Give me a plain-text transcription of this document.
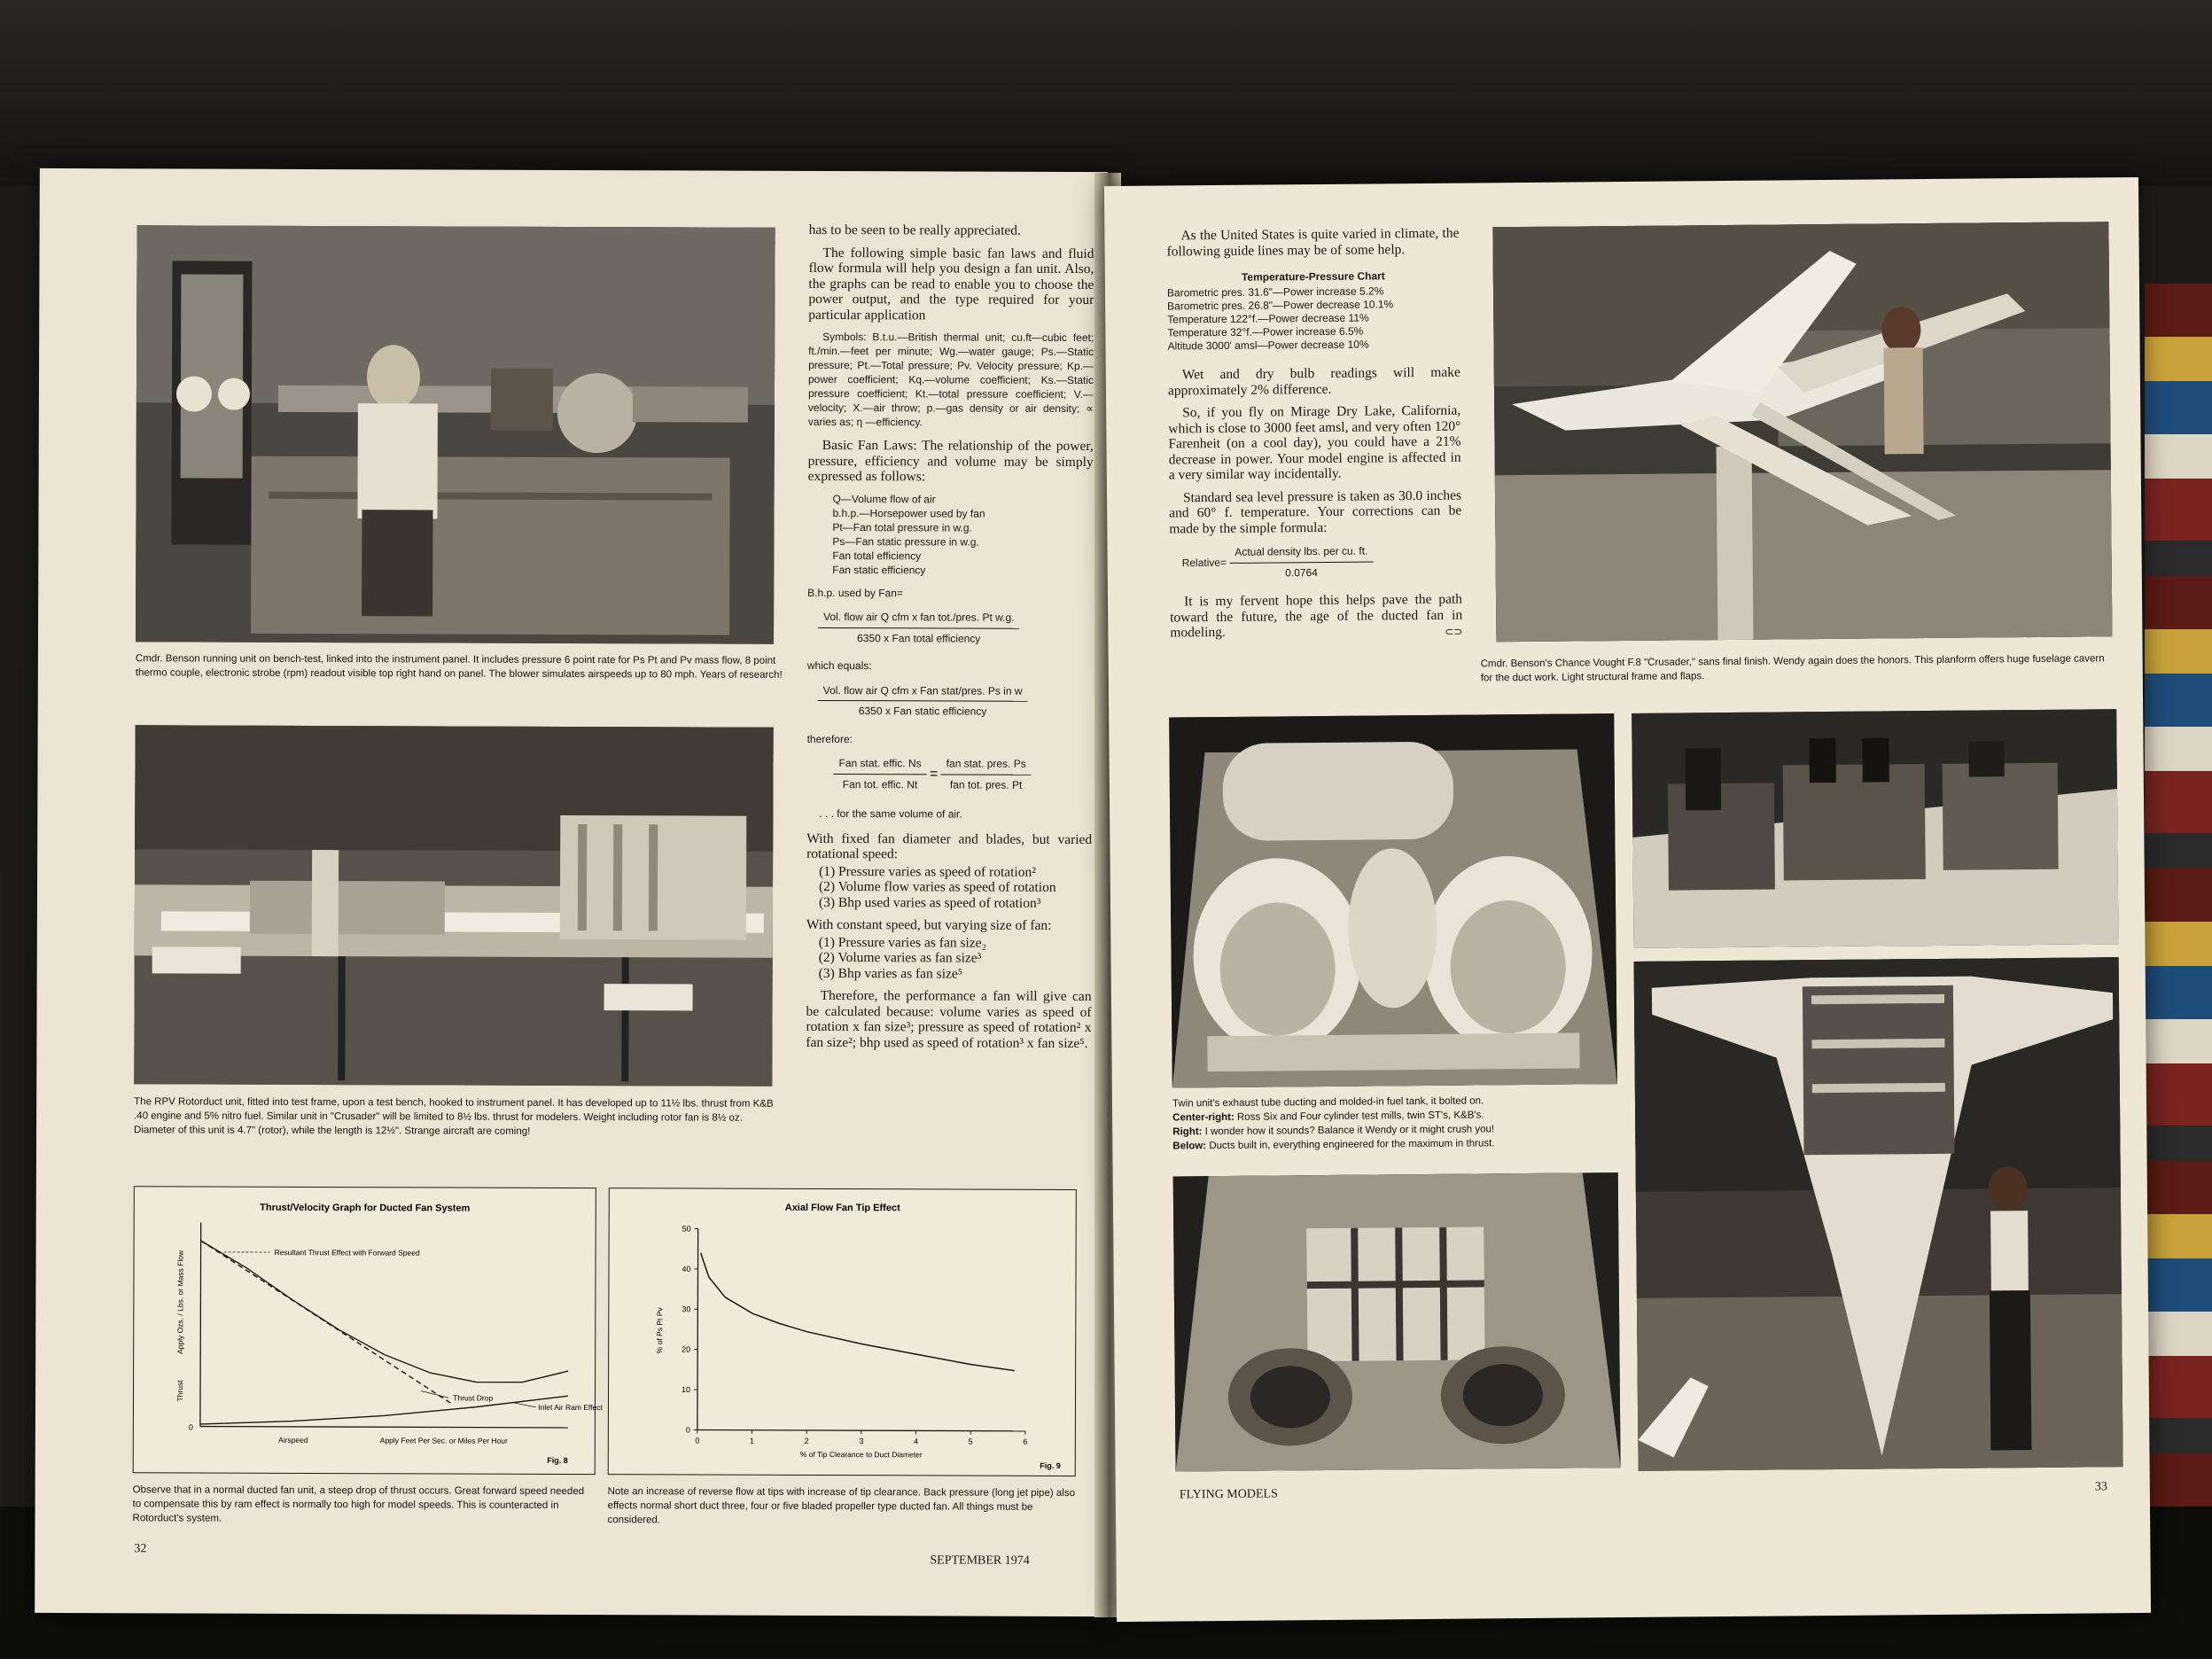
Cmdr. Benson running unit on bench-test, linked into the instrument panel. It includes pressure 6 point rate for Ps Pt and Pv mass flow, 8 point thermo couple, electronic strobe (rpm) readout visible top right hand on panel. The blower simulates airspeeds up to 80 mph. Years of research!
The RPV Rotorduct unit, fitted into test frame, upon a test bench, hooked to instrument panel. It has developed up to 11½ lbs. thrust from K&B .40 engine and 5% nitro fuel. Similar unit in "Crusader" will be limited to 8½ lbs. thrust for modelers. Weight including rotor fan is 8½ oz. Diameter of this unit is 4.7" (rotor), while the length is 12½". Strange aircraft are coming!

has to be seen to be really appreciated.

The following simple basic fan laws and fluid flow formula will help you design a fan unit. Also, the graphs can be read to enable you to choose the power output, and the type required for your particular application

Symbols: B.t.u.—British thermal unit; cu.ft—cubic feet; ft./min.—feet per minute; Wg.—water gauge; Ps.—Static pressure; Pt.—Total pressure; Pv. Velocity pressure; Kp.—power coefficient; Kq.—volume coefficient; Ks.—Static pressure coefficient; Kt.—total pressure coefficient; V.—velocity; X.—air throw; p.—gas density or air density; ∝ varies as; η —efficiency.

Basic Fan Laws: The relationship of the power, pressure, efficiency and volume may be simply expressed as follows:

Q—Volume flow of air
b.h.p.—Horsepower used by fan
Pt—Fan total pressure in w.g.
Ps—Fan static pressure in w.g.
Fan total efficiency
Fan static efficiency
B.h.p. used by Fan=
$\frac{\text{Vol. flow air Q cfm x fan tot./pres. Pt w.g.}}{\text{6350 x Fan total efficiency}}$
which equals:
$\frac{\text{Vol. flow air Q cfm x Fan stat/pres. Ps in w}}{\text{6350 x Fan static efficiency}}$
therefore:
$\frac{\text{Fan stat. effic. Ns}}{\text{Fan tot. effic. Nt}} = \frac{\text{fan stat. pres. Ps}}{\text{fan tot. pres. Pt}}$
. . . for the same volume of air.

With fixed fan diameter and blades, but varied rotational speed:

(1) Pressure varies as speed of rotation²
(2) Volume flow varies as speed of rotation
(3) Bhp used varies as speed of rotation³

With constant speed, but varying size of fan:

(1) Pressure varies as fan size₂
(2) Volume varies as fan size³
(3) Bhp varies as fan size⁵

Therefore, the performance a fan will give can be calculated because: volume varies as speed of rotation x fan size³; pressure as speed of rotation² x fan size²; bhp used as speed of rotation³ x fan size⁵.

Thrust/Velocity Graph for Ducted Fan System
Apply Ozs. / Lbs. or Mass Flow
Thrust
0
Airspeed	Apply Feet Per Sec. or Miles Per Hour
Fig. 8
Resultant Thrust Effect with Forward Speed
Thrust Drop
Inlet Air Ram Effect
Axial Flow Fan Tip Effect
0
10
20
30
40
50
0	1	2	3	4	5	6
% of Ps Pt Pv
% of Tip Clearance to Duct Diameter
Fig. 9
Observe that in a normal ducted fan unit, a steep drop of thrust occurs. Great forward speed needed to compensate this by ram effect is normally too high for model speeds. This is counteracted in Rotorduct's system.
Note an increase of reverse flow at tips with increase of tip clearance. Back pressure (long jet pipe) also effects normal short duct three, four or five bladed propeller type ducted fan. All things must be considered.
32
SEPTEMBER 1974

As the United States is quite varied in climate, the following guide lines may be of some help.

Temperature-Pressure Chart
Barometric pres. 31.6"—Power increase 5.2%
Barometric pres. 26.8"—Power decrease 10.1%
Temperature 122°f.—Power decrease 11%
Temperature 32°f.—Power increase 6.5%
Altitude 3000' amsl—Power decrease 10%

Wet and dry bulb readings will make approximately 2% difference.

So, if you fly on Mirage Dry Lake, California, which is close to 3000 feet amsl, and very often 120° Farenheit (on a cool day), you could have a 21% decrease in power. Your model engine is affected in a very similar way incidentally.

Standard sea level pressure is taken as 30.0 inches and 60° f. temperature. Your corrections can be made by the simple formula:

Relative= $\frac{\text{Actual density lbs. per cu. ft.}}{0.0764}$

It is my fervent hope this helps pave the path toward the future, the age of the ducted fan in modeling.	⊂⊃
Cmdr. Benson's Chance Vought F.8 "Crusader," sans final finish. Wendy again does the honors. This planform offers huge fuselage cavern for the duct work. Light structural frame and flaps.
Twin unit's exhaust tube ducting and molded-in fuel tank, it bolted on.
Center-right: Ross Six and Four cylinder test mills, twin ST's, K&B's.
Right: I wonder how it sounds? Balance it Wendy or it might crush you!
Below: Ducts built in, everything engineered for the maximum in thrust.
FLYING MODELS
33
